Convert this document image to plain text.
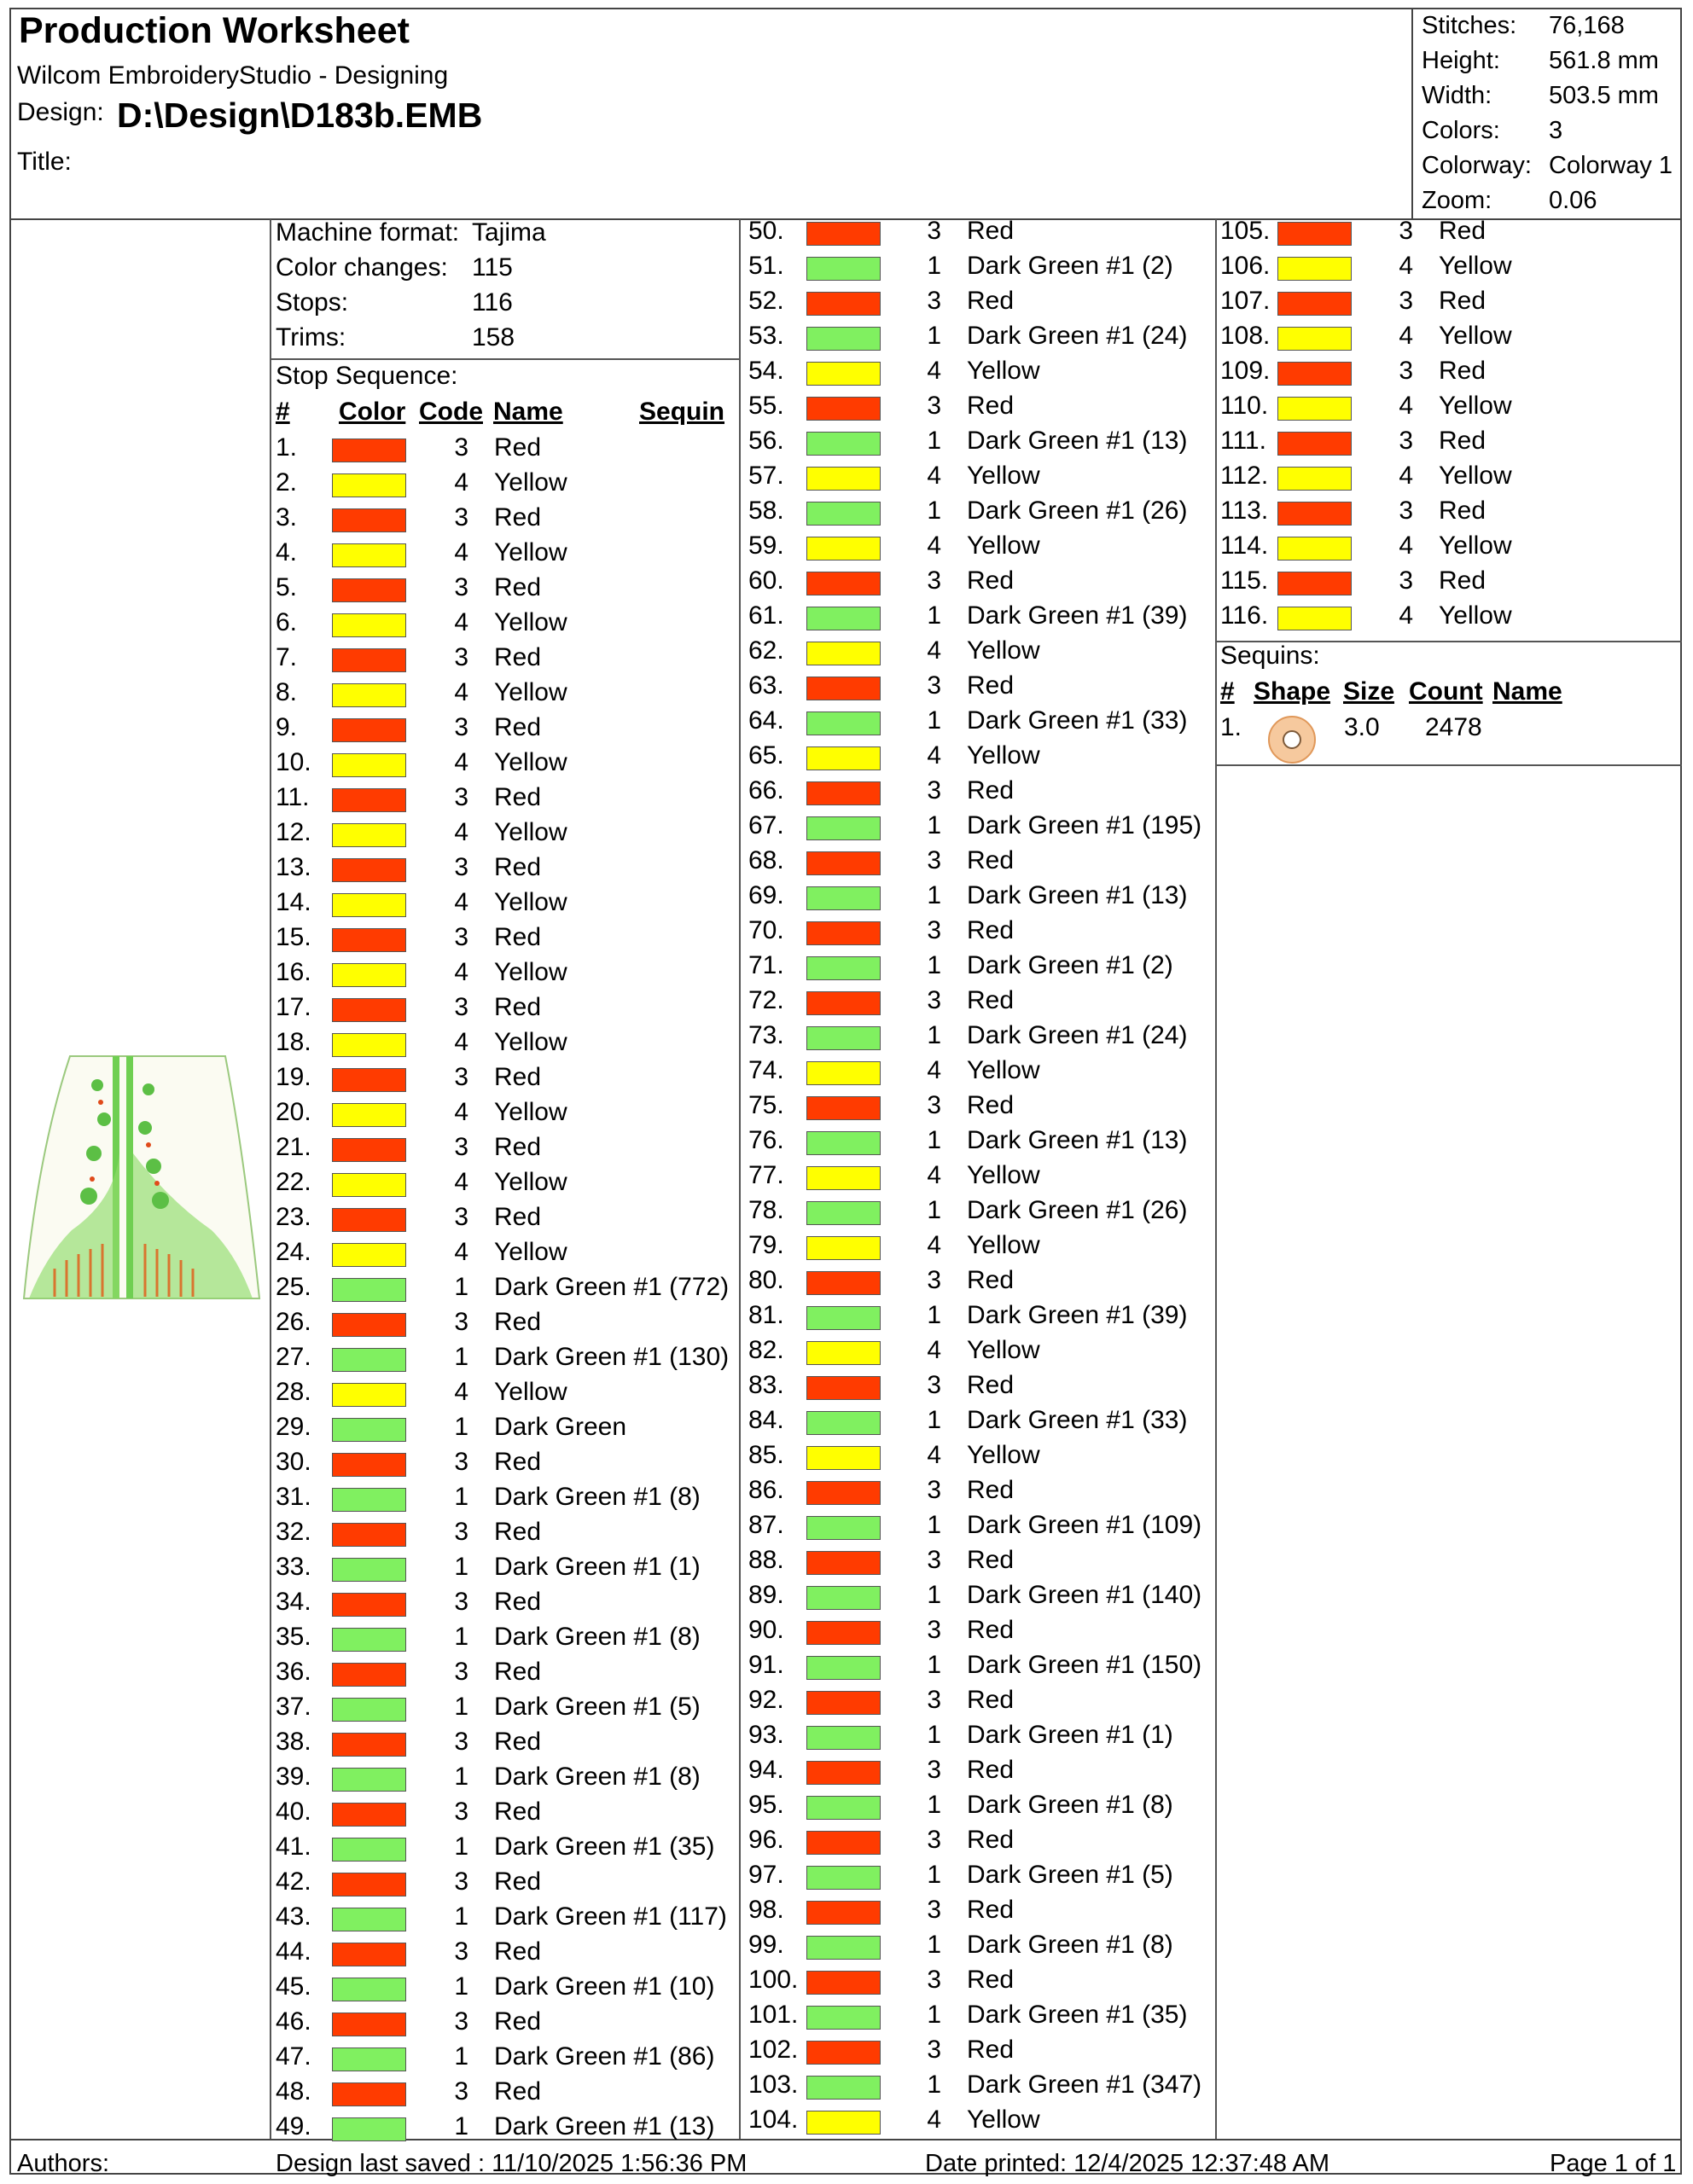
Production Worksheet
Wilcom EmbroideryStudio - Designing
Design: D:\Design\D183b.EMB
Title:
Stitches: 76,168
Height: 561.8 mm
Width: 503.5 mm
Colors: 3
Colorway: Colorway 1
Zoom: 0.06
Machine format: Tajima
Color changes: 115
Stops:	116
Trims:	158
Stop Sequence:
# Color Code Name	Sequin
1.	3 Red
2.	4 Yellow
3.	3 Red
4.	4 Yellow
5.	3 Red
6.	4 Yellow
7.	3 Red
8.	4 Yellow
9.	3 Red
10.	4 Yellow
11.	3 Red
12.	4 Yellow
13.	3 Red
14.	4 Yellow
15.	3 Red
16.	4 Yellow
17.	3 Red
18.	4 Yellow
19.	3 Red
20.	4 Yellow
21.	3 Red
22.	4 Yellow
23.	3 Red
24.	4 Yellow
25.	1 Dark Green #1 (772)
26.	3 Red
27.	1 Dark Green #1 (130)
28.	4 Yellow
29.	1 Dark Green
30.	3 Red
31.	1 Dark Green #1 (8)
32.	3 Red
33.	1 Dark Green #1 (1)
34.	3 Red
35.	1 Dark Green #1 (8)
36.	3 Red
37.	1 Dark Green #1 (5)
38.	3 Red
39.	1 Dark Green #1 (8)
40.	3 Red
41.	1 Dark Green #1 (35)
42.	3 Red
43.	1 Dark Green #1 (117)
44.	3 Red
45.	1 Dark Green #1 (10)
46.	3 Red
47.	1 Dark Green #1 (86)
48.	3 Red
49.	1 Dark Green #1 (13)
50.	3 Red
51.	1 Dark Green #1 (2)
52.	3 Red
53.	1 Dark Green #1 (24)
54.	4 Yellow
55.	3 Red
56.	1 Dark Green #1 (13)
57.	4 Yellow
58.	1 Dark Green #1 (26)
59.	4 Yellow
60.	3 Red
61.	1 Dark Green #1 (39)
62.	4 Yellow
63.	3 Red
64.	1 Dark Green #1 (33)
65.	4 Yellow
66.	3 Red
67.	1 Dark Green #1 (195)
68.	3 Red
69.	1 Dark Green #1 (13)
70.	3 Red
71.	1 Dark Green #1 (2)
72.	3 Red
73.	1 Dark Green #1 (24)
74.	4 Yellow
75.	3 Red
76.	1 Dark Green #1 (13)
77.	4 Yellow
78.	1 Dark Green #1 (26)
79.	4 Yellow
80.	3 Red
81.	1 Dark Green #1 (39)
82.	4 Yellow
83.	3 Red
84.	1 Dark Green #1 (33)
85.	4 Yellow
86.	3 Red
87.	1 Dark Green #1 (109)
88.	3 Red
89.	1 Dark Green #1 (140)
90.	3 Red
91.	1 Dark Green #1 (150)
92.	3 Red
93.	1 Dark Green #1 (1)
94.	3 Red
95.	1 Dark Green #1 (8)
96.	3 Red
97.	1 Dark Green #1 (5)
98.	3 Red
99.	1 Dark Green #1 (8)
100.	3 Red
101.	1 Dark Green #1 (35)
102.	3 Red
103.	1 Dark Green #1 (347)
104.	4 Yellow
105.	3 Red
106.	4 Yellow
107.	3 Red
108.	4 Yellow
109.	3 Red
110.	4 Yellow
111.	3 Red
112.	4 Yellow
113.	3 Red
114.	4 Yellow
115.	3 Red
116.	4 Yellow
Sequins:
# Shape Size Count Name
1.	3.0 2478
Authors:	Design last saved : 11/10/2025 1:56:36 PM	Date printed: 12/4/2025 12:37:48 AM	Page 1 of 1
